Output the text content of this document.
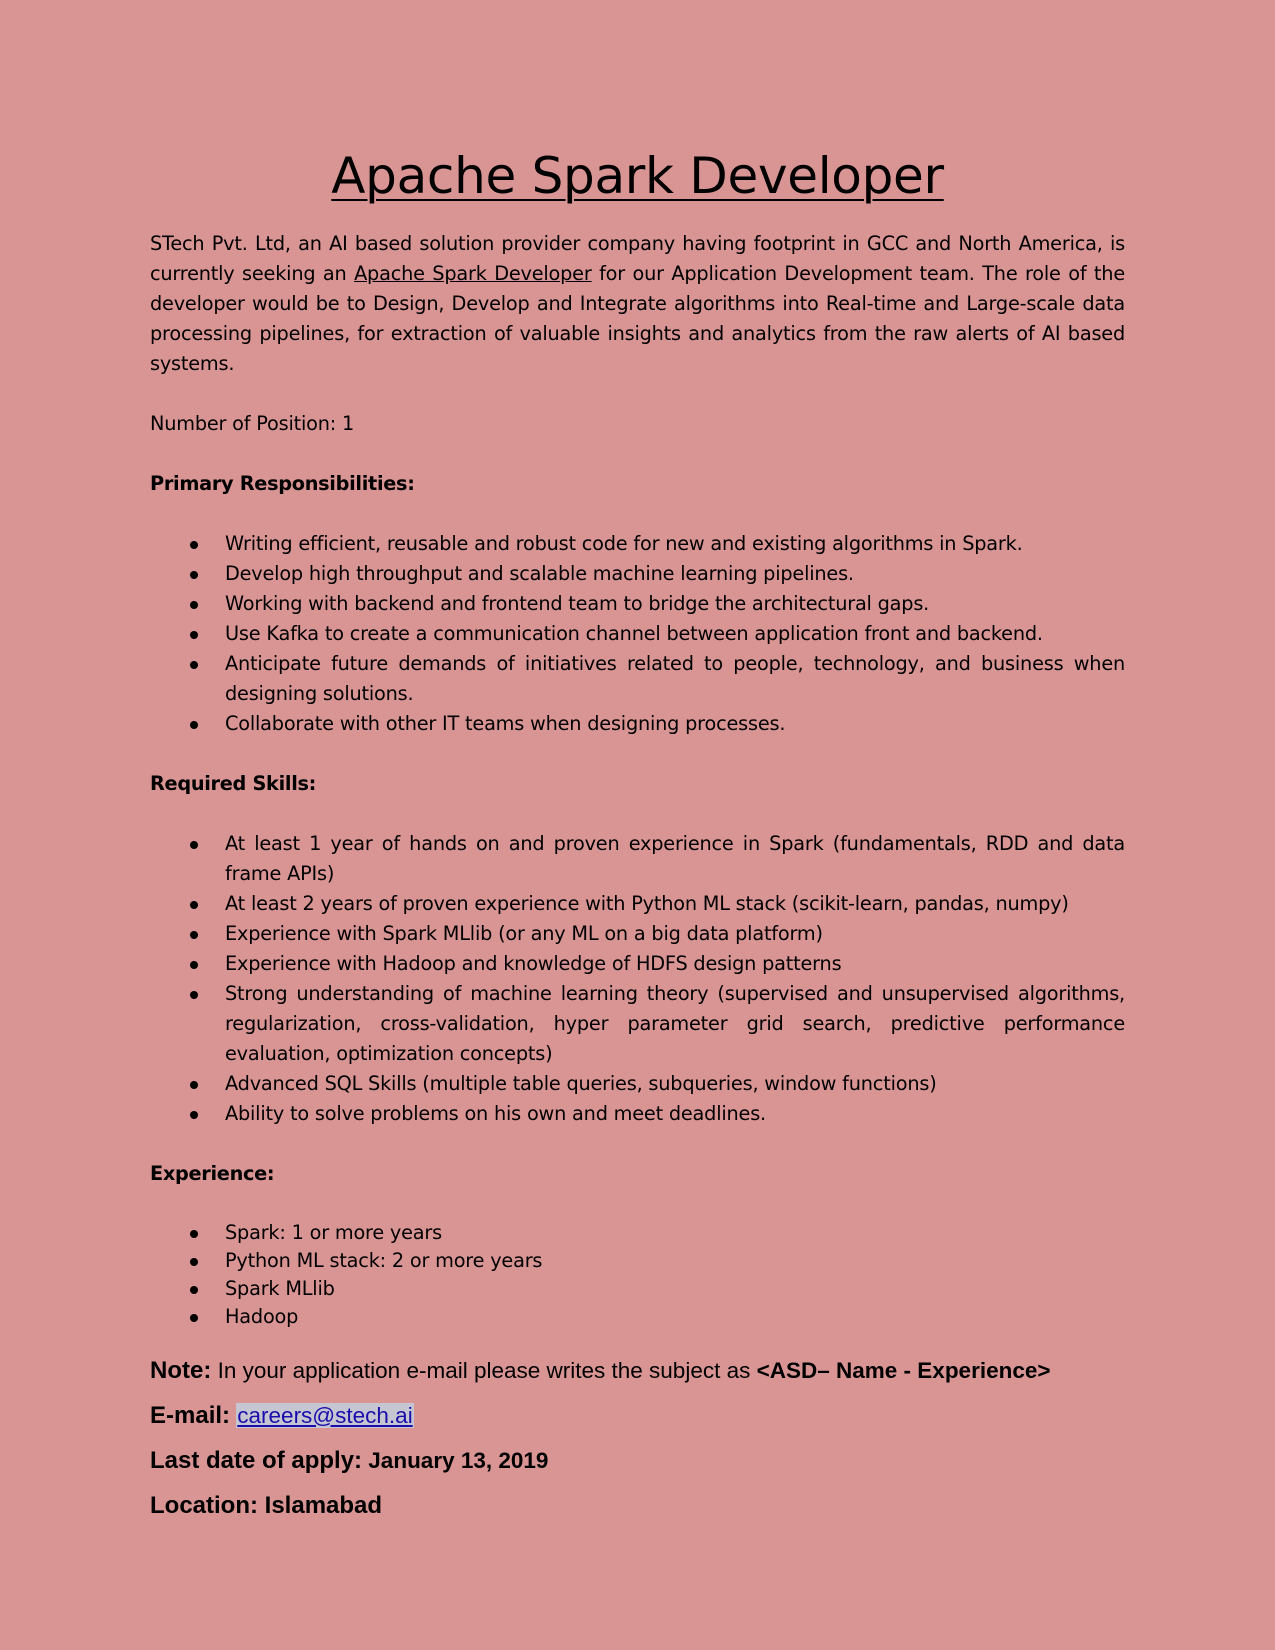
Apache Spark Developer

STech Pvt. Ltd, an AI based solution provider company having footprint in GCC and North America, is currently seeking an Apache Spark Developer for our Application Development team. The role of the developer would be to Design, Develop and Integrate algorithms into Real-time and Large-scale data processing pipelines, for extraction of valuable insights and analytics from the raw alerts of AI based systems.

Number of Position: 1

Primary Responsibilities:

Writing efficient, reusable and robust code for new and existing algorithms in Spark.
Develop high throughput and scalable machine learning pipelines.
Working with backend and frontend team to bridge the architectural gaps.
Use Kafka to create a communication channel between application front and backend.
Anticipate future demands of initiatives related to people, technology, and business when designing solutions.
Collaborate with other IT teams when designing processes.

Required Skills:

At least 1 year of hands on and proven experience in Spark (fundamentals, RDD and data frame APIs)
At least 2 years of proven experience with Python ML stack (scikit-learn, pandas, numpy)
Experience with Spark MLlib (or any ML on a big data platform)
Experience with Hadoop and knowledge of HDFS design patterns
Strong understanding of machine learning theory (supervised and unsupervised algorithms, regularization, cross-validation, hyper parameter grid search, predictive performance evaluation, optimization concepts)
Advanced SQL Skills (multiple table queries, subqueries, window functions)
Ability to solve problems on his own and meet deadlines.

Experience:

Spark: 1 or more years
Python ML stack: 2 or more years
Spark MLlib
Hadoop

Note: In your application e-mail please writes the subject as <ASD– Name - Experience>

E-mail: careers@stech.ai

Last date of apply: January 13, 2019

Location: Islamabad
